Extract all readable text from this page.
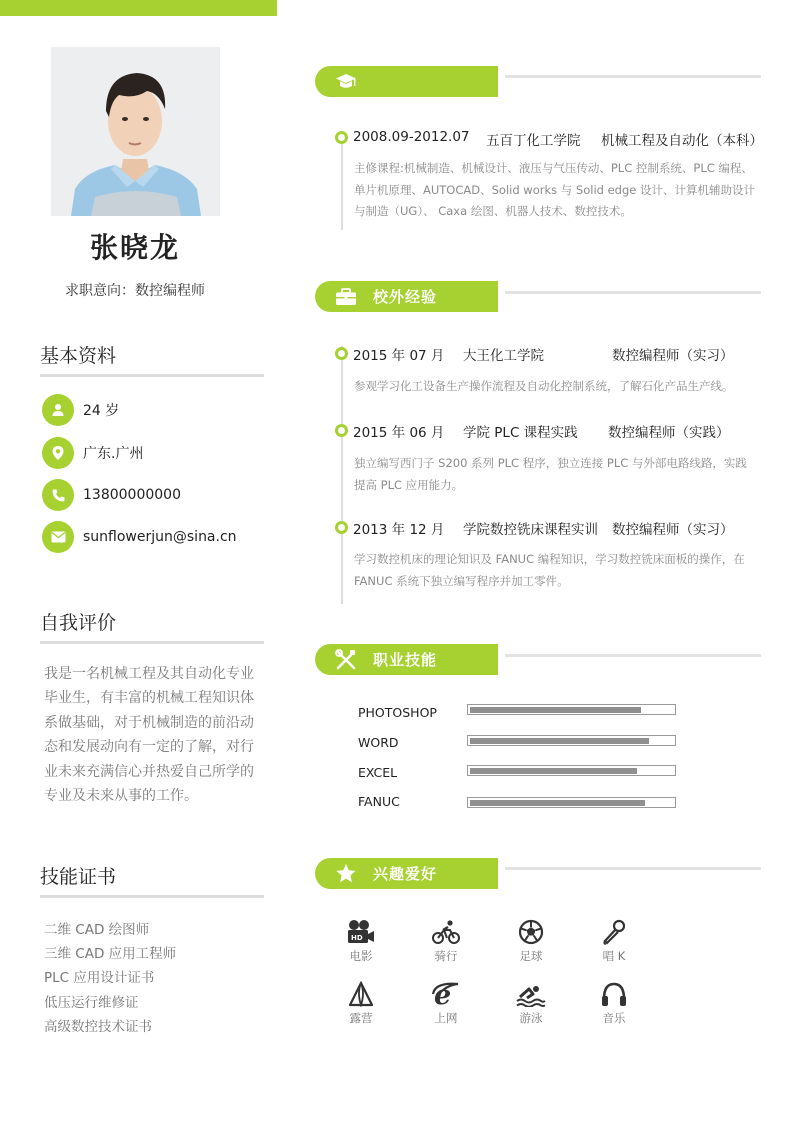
张晓龙
求职意向：数控编程师
基本资料
24 岁
广东.广州
13800000000
sunflowerjun@sina.cn
自我评价
我是一名机械工程及其自动化专业毕业生，有丰富的机械工程知识体系做基础，对于机械制造的前沿动态和发展动向有一定的了解，对行业未来充满信心并热爱自己所学的专业及未来从事的工作。
技能证书
二维 CAD 绘图师
三维 CAD 应用工程师
PLC 应用设计证书
低压运行维修证
高级数控技术证书
2008.09-2012.07 五百丁化工学院 机械工程及自动化（本科）
主修课程:机械制造、机械设计、液压与气压传动、PLC 控制系统、PLC 编程、单片机原理、AUTOCAD、Solid works 与 Solid edge 设计、计算机辅助设计与制造（UG）、 Caxa 绘图、机器人技术、数控技术。
校外经验
2015 年 07 月 大王化工学院	数控编程师（实习）
参观学习化工设备生产操作流程及自动化控制系统，了解石化产品生产线。
2015 年 06 月 学院 PLC 课程实践 数控编程师（实践）
独立编写西门子 S200 系列 PLC 程序，独立连接 PLC 与外部电路线路，实践提高 PLC 应用能力。
2013 年 12 月 学院数控铣床课程实训 数控编程师（实习）
学习数控机床的理论知识及 FANUC 编程知识，学习数控铣床面板的操作，在 FANUC 系统下独立编写程序并加工零件。
职业技能
PHOTOSHOP
WORD
EXCEL
FANUC
兴趣爱好
HD
电影	骑行	足球	唱 K
露营
e
上网	游泳	音乐
